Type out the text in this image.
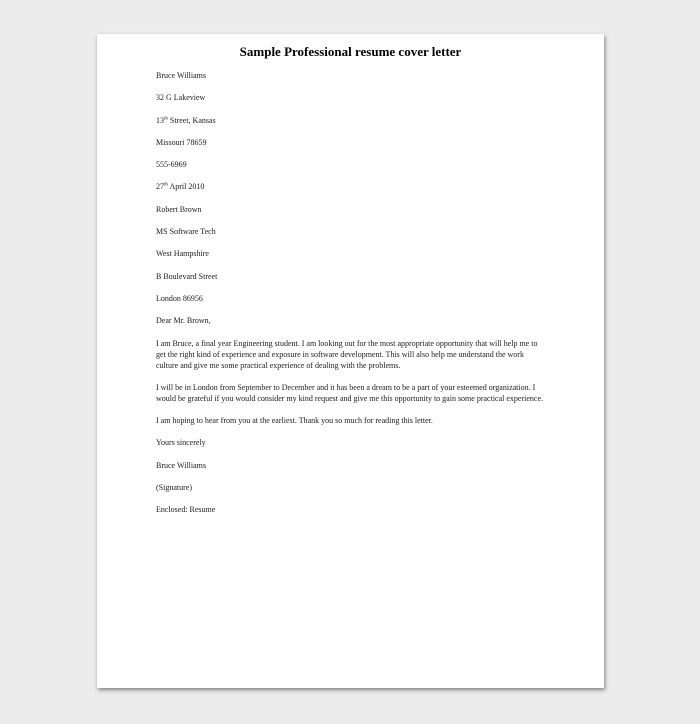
Sample Professional resume cover letter
Bruce Williams
32 G Lakeview
13th Street, Kansas
Missouri 78659
555-6969
27th April 2010
Robert Brown
MS Software Tech
West Hampshire
B Boulevard Street
London 86956
Dear Mr. Brown,
I am Bruce, a final year Engineering student. I am looking out for the most appropriate opportunity that will help me to get the right kind of experience and exposure in software development. This will also help me understand the work culture and give me some practical experience of dealing with the problems.
I will be in London from September to December and it has been a dream to be a part of your esteemed organization. I would be grateful if you would consider my kind request and give me this opportunity to gain some practical experience.
I am hoping to hear from you at the earliest. Thank you so much for reading this letter.
Yours sincerely
Bruce Williams
(Signature)
Enclosed: Resume
